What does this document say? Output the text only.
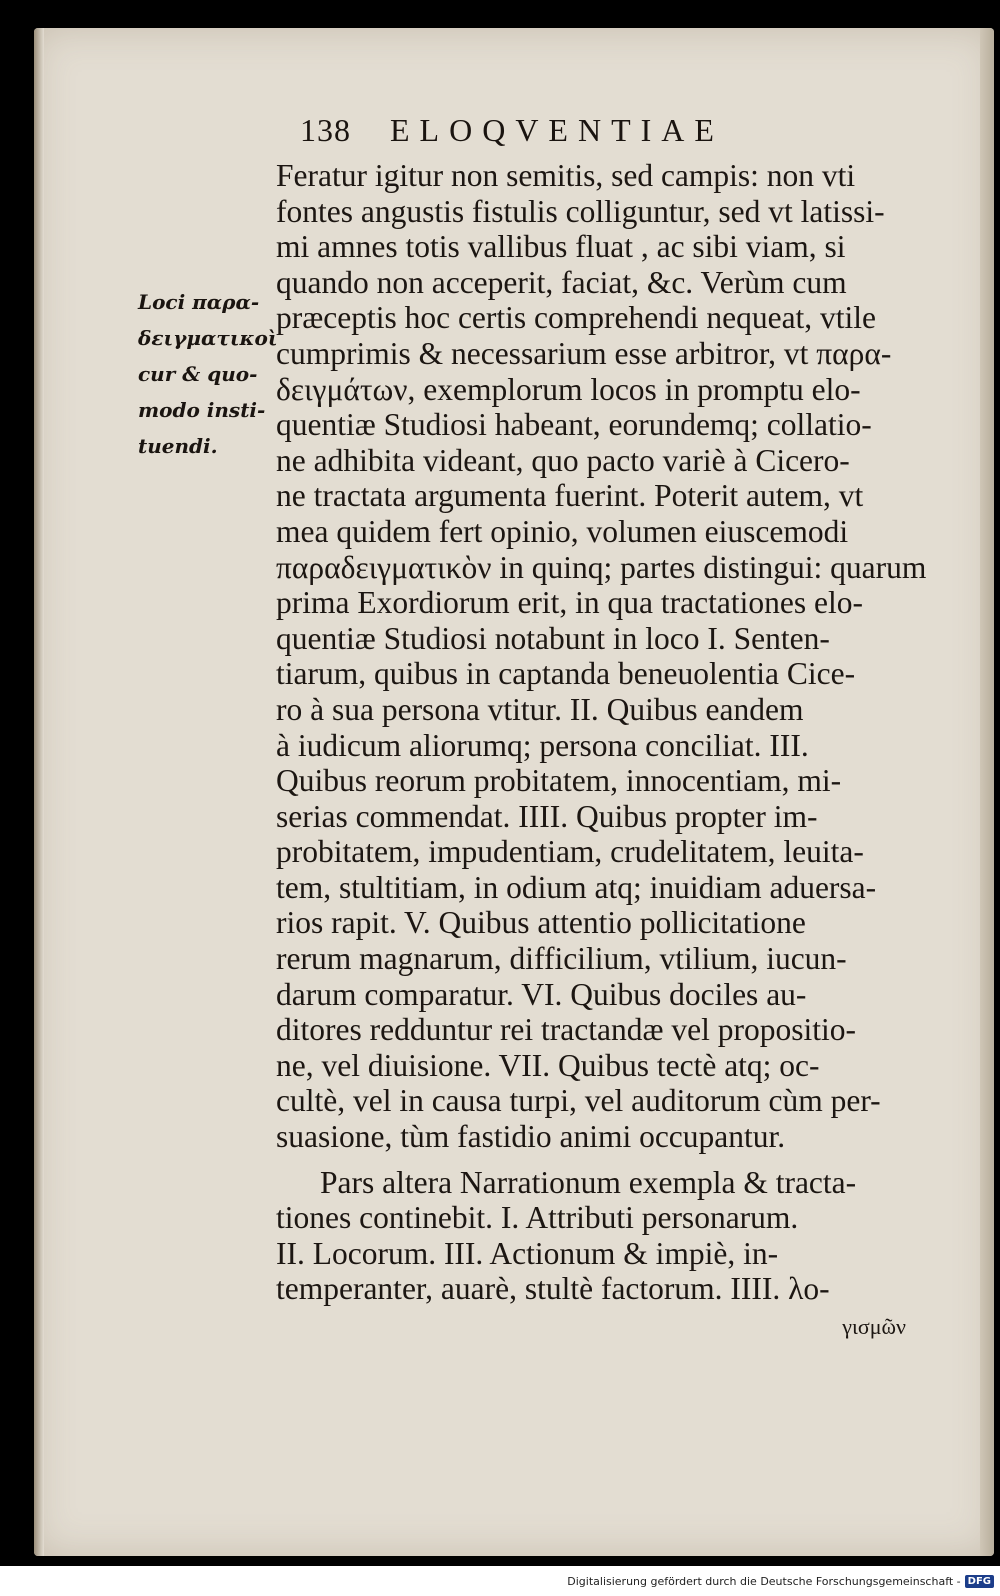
138	ELOQVENTIAE
Loci παρα-
δειγματικοὶ
cur & quo-
modo insti-
tuendi.
Feratur igitur non semitis, sed campis: non vti
fontes angustis fistulis colliguntur, sed vt latissi-
mi amnes totis vallibus fluat , ac sibi viam, si
quando non acceperit, faciat, &c. Verùm cum
præceptis hoc certis comprehendi nequeat, vtile
cumprimis & necessarium esse arbitror, vt παρα-
δειγμάτων, exemplorum locos in promptu elo-
quentiæ Studiosi habeant, eorundemq; collatio-
ne adhibita videant, quo pacto variè à Cicero-
ne tractata argumenta fuerint. Poterit autem, vt
mea quidem fert opinio, volumen eiuscemodi
παραδειγματικὸν in quinq; partes distingui: quarum
prima Exordiorum erit, in qua tractationes elo-
quentiæ Studiosi notabunt in loco I. Senten-
tiarum, quibus in captanda beneuolentia Cice-
ro à sua persona vtitur. II. Quibus eandem
à iudicum aliorumq; persona conciliat. III.
Quibus reorum probitatem, innocentiam, mi-
serias commendat. IIII. Quibus propter im-
probitatem, impudentiam, crudelitatem, leuita-
tem, stultitiam, in odium atq; inuidiam aduersa-
rios rapit. V. Quibus attentio pollicitatione
rerum magnarum, difficilium, vtilium, iucun-
darum comparatur. VI. Quibus dociles au-
ditores redduntur rei tractandæ vel propositio-
ne, vel diuisione. VII. Quibus tectè atq; oc-
cultè, vel in causa turpi, vel auditorum cùm per-
suasione, tùm fastidio animi occupantur.
Pars altera Narrationum exempla & tracta-
tiones continebit. I. Attributi personarum.
II. Locorum. III. Actionum & impiè, in-
temperanter, auarè, stultè factorum. IIII. λο-
γισμῶν
Digitalisierung gefördert durch die Deutsche Forschungsgemeinschaft - DFG
